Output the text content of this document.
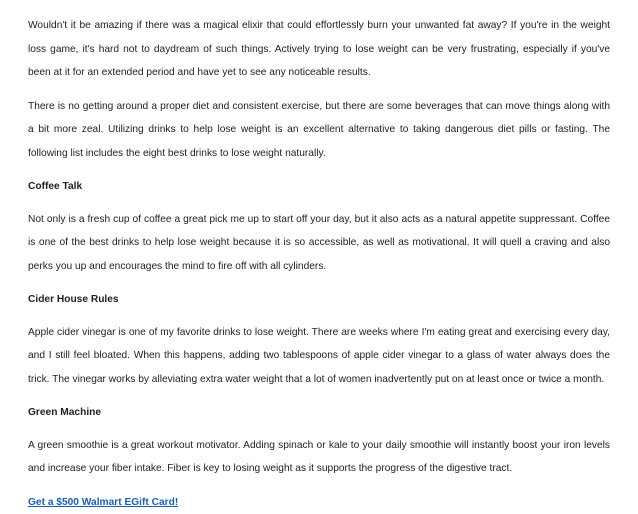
Wouldn't it be amazing if there was a magical elixir that could effortlessly burn your unwanted fat away? If you're in the weight loss game, it's hard not to daydream of such things. Actively trying to lose weight can be very frustrating, especially if you've been at it for an extended period and have yet to see any noticeable results.

There is no getting around a proper diet and consistent exercise, but there are some beverages that can move things along with a bit more zeal. Utilizing drinks to help lose weight is an excellent alternative to taking dangerous diet pills or fasting. The following list includes the eight best drinks to lose weight naturally.

Coffee Talk

Not only is a fresh cup of coffee a great pick me up to start off your day, but it also acts as a natural appetite suppressant. Coffee is one of the best drinks to help lose weight because it is so accessible, as well as motivational. It will quell a craving and also perks you up and encourages the mind to fire off with all cylinders.

Cider House Rules

Apple cider vinegar is one of my favorite drinks to lose weight. There are weeks where I'm eating great and exercising every day, and I still feel bloated. When this happens, adding two tablespoons of apple cider vinegar to a glass of water always does the trick. The vinegar works by alleviating extra water weight that a lot of women inadvertently put on at least once or twice a month.

Green Machine

A green smoothie is a great workout motivator. Adding spinach or kale to your daily smoothie will instantly boost your iron levels and increase your fiber intake. Fiber is key to losing weight as it supports the progress of the digestive tract.

Get a $500 Walmart EGift Card!
